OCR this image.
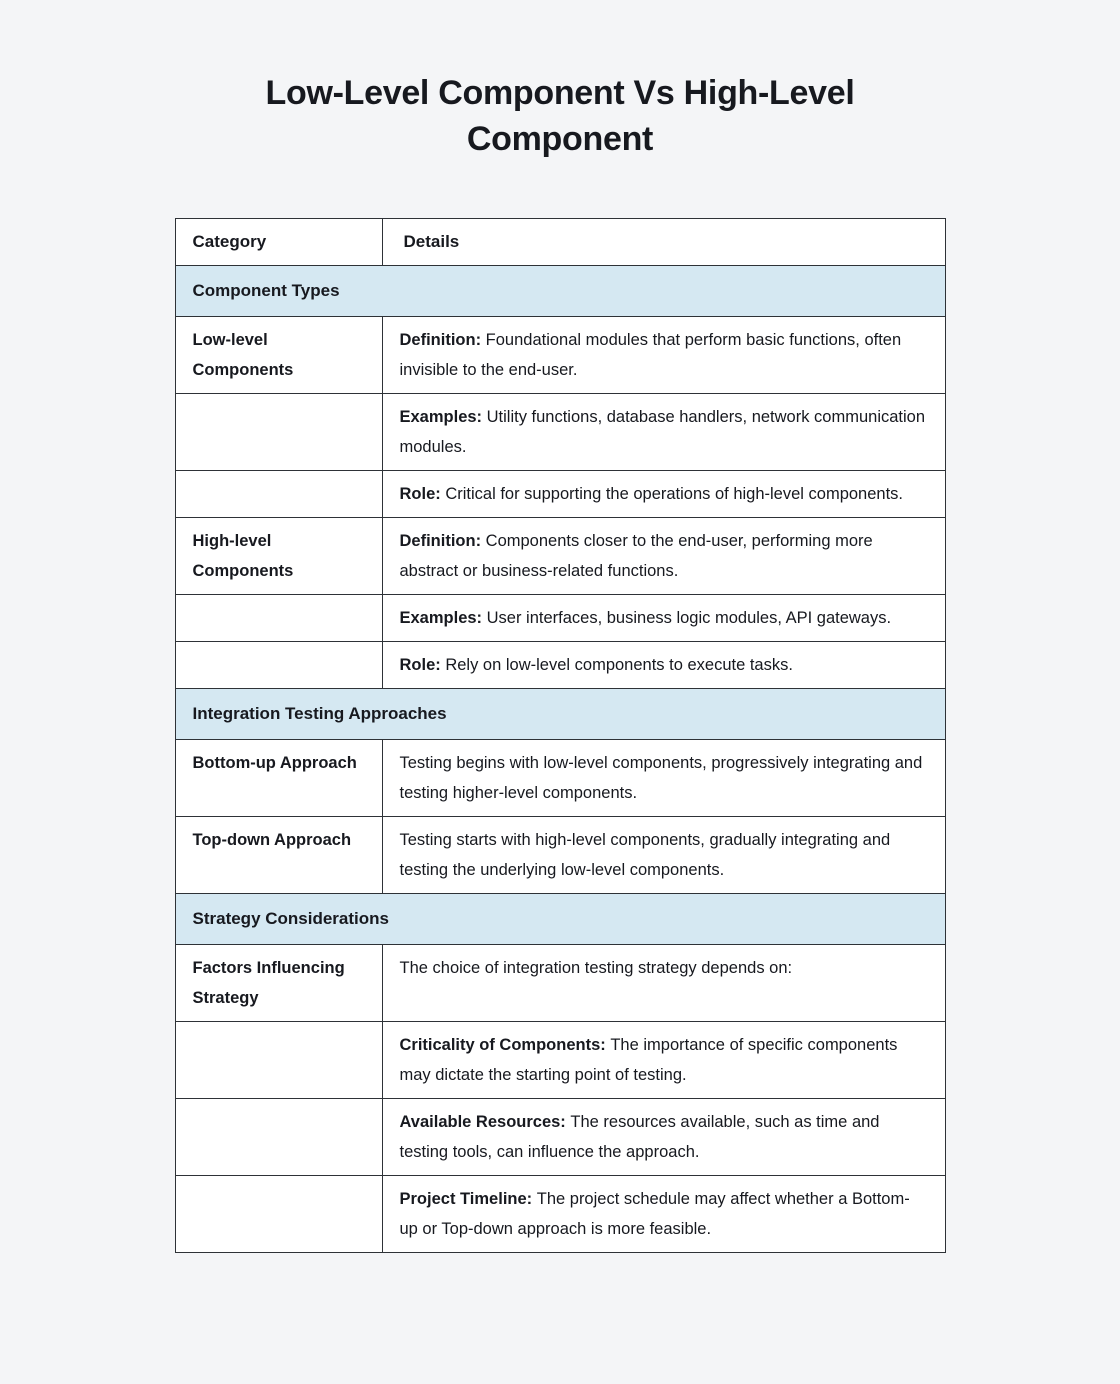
Low-Level Component Vs High-Level Component
Category	Details
Component Types	
Low-level Components	Definition: Foundational modules that perform basic functions, often invisible to the end-user.
	Examples: Utility functions, database handlers, network communication modules.
	Role: Critical for supporting the operations of high-level components.
High-level Components	Definition: Components closer to the end-user, performing more abstract or business-related functions.
	Examples: User interfaces, business logic modules, API gateways.
	Role: Rely on low-level components to execute tasks.
Integration Testing Approaches	
Bottom-up Approach	Testing begins with low-level components, progressively integrating and testing higher-level components.
Top-down Approach	Testing starts with high-level components, gradually integrating and testing the underlying low-level components.
Strategy Considerations	
Factors Influencing Strategy	The choice of integration testing strategy depends on:
	Criticality of Components: The importance of specific components may dictate the starting point of testing.
	Available Resources: The resources available, such as time and testing tools, can influence the approach.
	Project Timeline: The project schedule may affect whether a Bottom-up or Top-down approach is more feasible.
